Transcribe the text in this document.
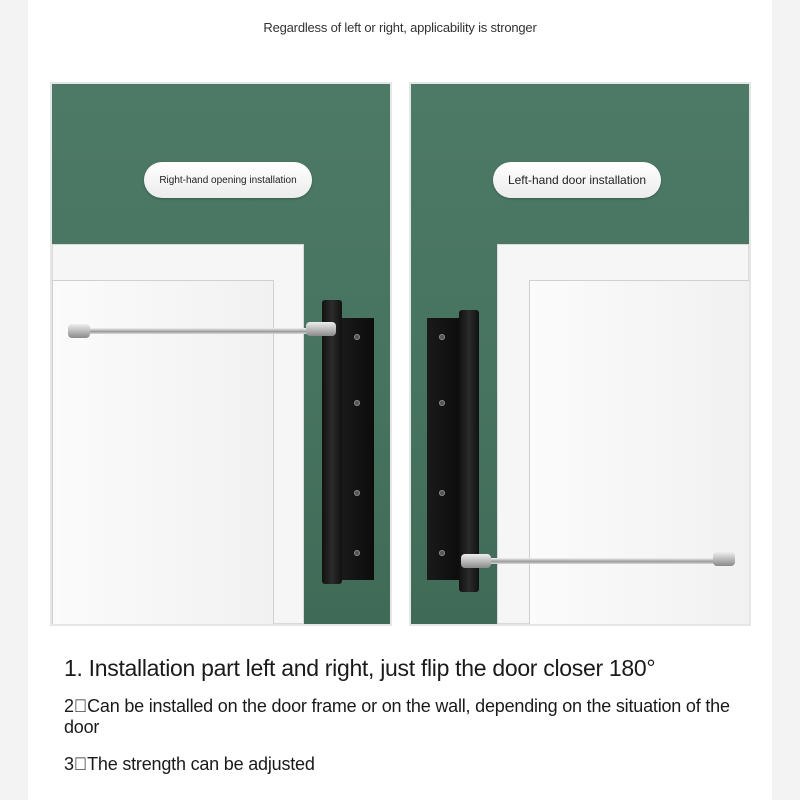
Regardless of left or right, applicability is stronger
Right-hand opening installation	Left-hand door installation
1. Installation part left and right, just flip the door closer 180°
2 Can be installed on the door frame or on the wall, depending on the situation of the door
3 The strength can be adjusted
